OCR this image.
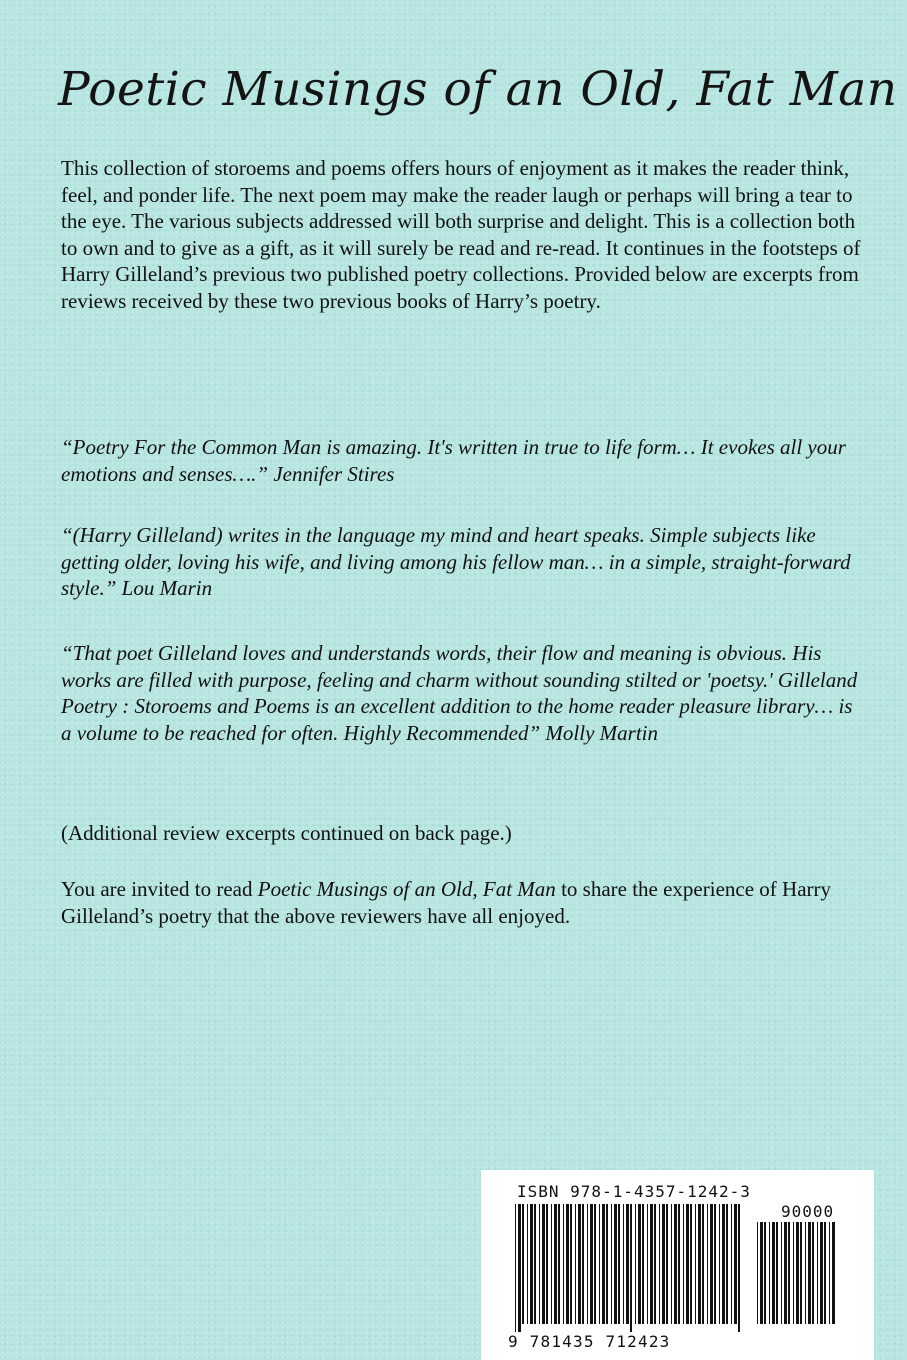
Poetic Musings of an Old, Fat Man

This collection of storoems and poems offers hours of enjoyment as it makes the reader think, feel, and ponder life. The next poem may make the reader laugh or perhaps will bring a tear to the eye. The various subjects addressed will both surprise and delight. This is a collection both to own and to give as a gift, as it will surely be read and re-read. It continues in the footsteps of Harry Gilleland’s previous two published poetry collections. Provided below are excerpts from reviews received by these two previous books of Harry’s poetry.

“Poetry For the Common Man is amazing. It's written in true to life form… It evokes all your emotions and senses….” Jennifer Stires

“(Harry Gilleland) writes in the language my mind and heart speaks. Simple subjects like getting older, loving his wife, and living among his fellow man… in a simple, straight-forward style.” Lou Marin

“That poet Gilleland loves and understands words, their flow and meaning is obvious. His works are filled with purpose, feeling and charm without sounding stilted or 'poetsy.' Gilleland Poetry : Storoems and Poems is an excellent addition to the home reader pleasure library… is a volume to be reached for often. Highly Recommended” Molly Martin

(Additional review excerpts continued on back page.)

You are invited to read Poetic Musings of an Old, Fat Man to share the experience of Harry Gilleland’s poetry that the above reviewers have all enjoyed.

ISBN 978-1-4357-1242-3
90000
9 781435 712423
